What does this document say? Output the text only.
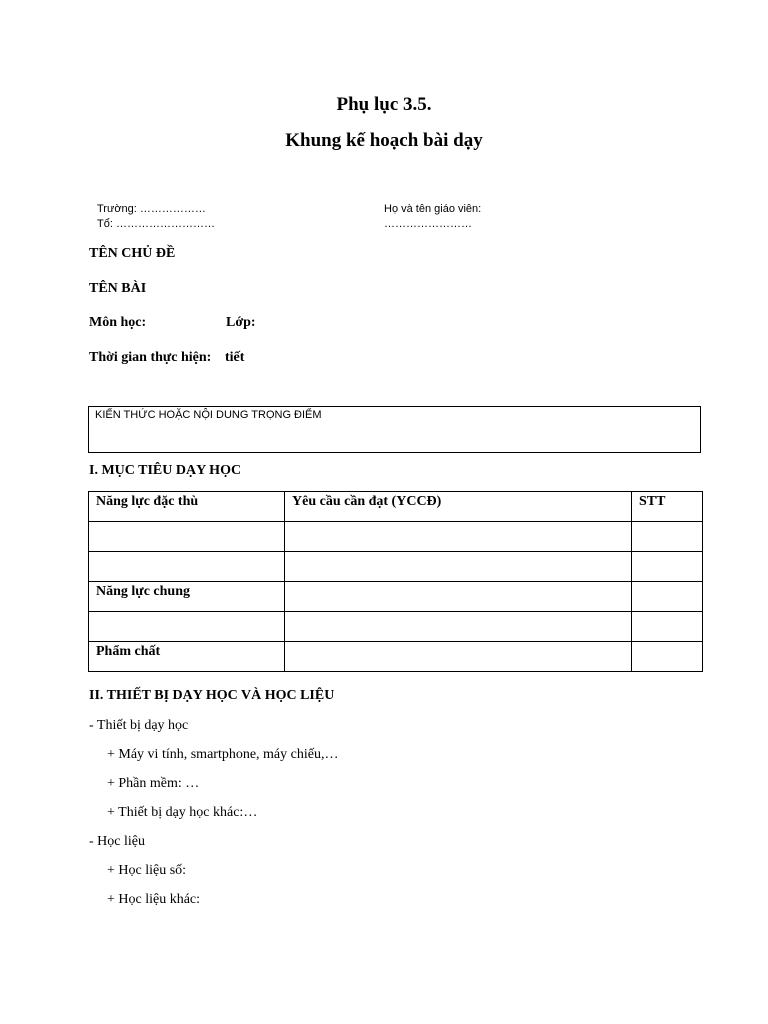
Phụ lục 3.5.
Khung kế hoạch bài dạy
Trường: ………………
Tổ: ………………………
Họ và tên giáo viên:
……………………
TÊN CHỦ ĐỀ
TÊN BÀI
Môn học:	Lớp:
Thời gian thực hiện: tiết
KIẾN THỨC HOẶC NỘI DUNG TRỌNG ĐIỂM
I. MỤC TIÊU DẠY HỌC
Năng lực đặc thù	Yêu cầu cần đạt (YCCĐ)	STT

Năng lực chung		

Phẩm chất		
II. THIẾT BỊ DẠY HỌC VÀ HỌC LIỆU
- Thiết bị dạy học
+ Máy vi tính, smartphone, máy chiếu,…
+ Phần mềm: …
+ Thiết bị dạy học khác:…
- Học liệu
+ Học liệu số:
+ Học liệu khác:
